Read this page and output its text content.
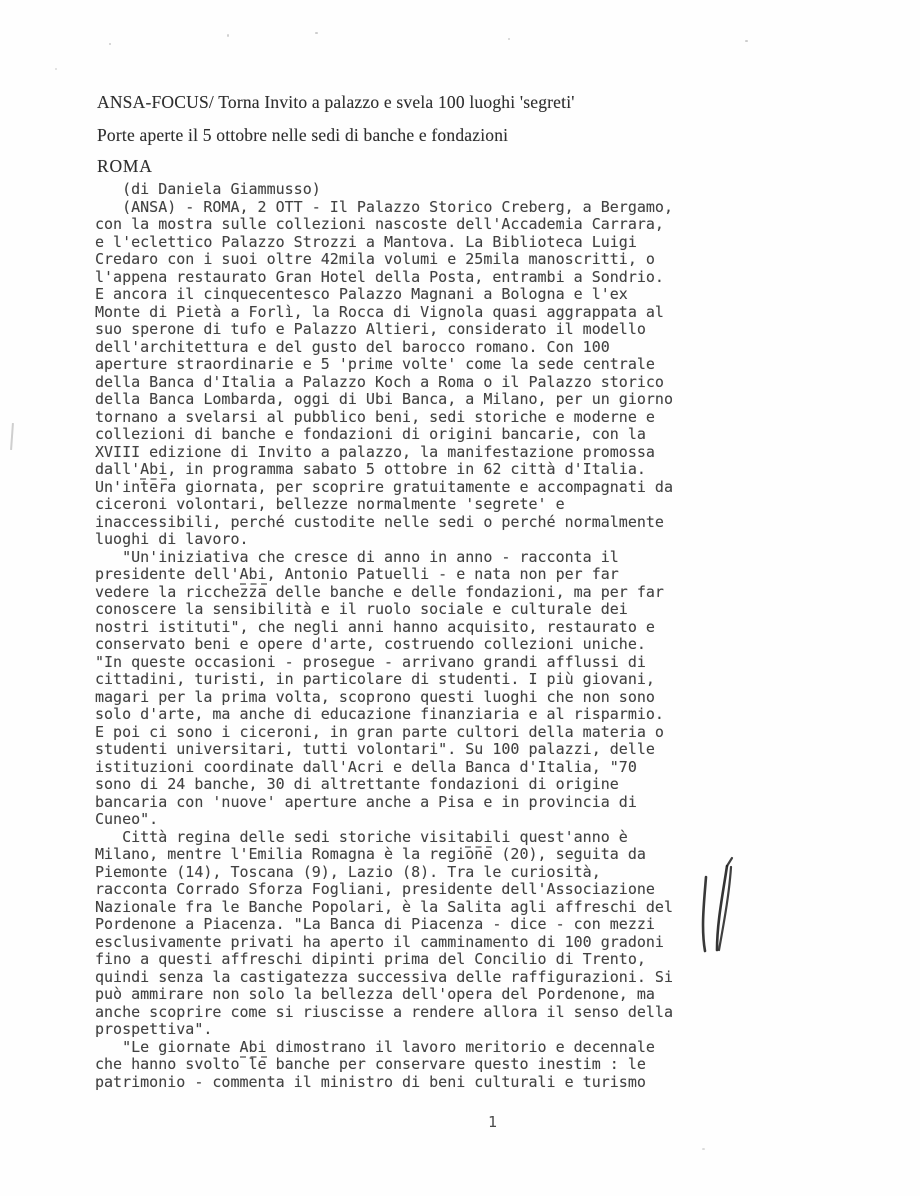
ANSA-FOCUS/ Torna Invito a palazzo e svela 100 luoghi 'segreti'
Porte aperte il 5 ottobre nelle sedi di banche e fondazioni
ROMA
(di Daniela Giammusso)
(ANSA) - ROMA, 2 OTT - Il Palazzo Storico Creberg, a Bergamo,
con la mostra sulle collezioni nascoste dell'Accademia Carrara,
e l'eclettico Palazzo Strozzi a Mantova. La Biblioteca Luigi
Credaro con i suoi oltre 42mila volumi e 25mila manoscritti, o
l'appena restaurato Gran Hotel della Posta, entrambi a Sondrio.
E ancora il cinquecentesco Palazzo Magnani a Bologna e l'ex
Monte di Pietà a Forlì, la Rocca di Vignola quasi aggrappata al
suo sperone di tufo e Palazzo Altieri, considerato il modello
dell'architettura e del gusto del barocco romano. Con 100
aperture straordinarie e 5 'prime volte' come la sede centrale
della Banca d'Italia a Palazzo Koch a Roma o il Palazzo storico
della Banca Lombarda, oggi di Ubi Banca, a Milano, per un giorno
tornano a svelarsi al pubblico beni, sedi storiche e moderne e
collezioni di banche e fondazioni di origini bancarie, con la
XVIII edizione di Invito a palazzo, la manifestazione promossa
dall'Abi, in programma sabato 5 ottobre in 62 città d'Italia.
Un'intera giornata, per scoprire gratuitamente e accompagnati da
ciceroni volontari, bellezze normalmente 'segrete' e
inaccessibili, perché custodite nelle sedi o perché normalmente
luoghi di lavoro.
"Un'iniziativa che cresce di anno in anno - racconta il
presidente dell'Abi, Antonio Patuelli - e nata non per far
vedere la ricchezza delle banche e delle fondazioni, ma per far
conoscere la sensibilità e il ruolo sociale e culturale dei
nostri istituti", che negli anni hanno acquisito, restaurato e
conservato beni e opere d'arte, costruendo collezioni uniche.
"In queste occasioni - prosegue - arrivano grandi afflussi di
cittadini, turisti, in particolare di studenti. I più giovani,
magari per la prima volta, scoprono questi luoghi che non sono
solo d'arte, ma anche di educazione finanziaria e al risparmio.
E poi ci sono i ciceroni, in gran parte cultori della materia o
studenti universitari, tutti volontari". Su 100 palazzi, delle
istituzioni coordinate dall'Acri e della Banca d'Italia, "70
sono di 24 banche, 30 di altrettante fondazioni di origine
bancaria con 'nuove' aperture anche a Pisa e in provincia di
Cuneo".
Città regina delle sedi storiche visitabili quest'anno è
Milano, mentre l'Emilia Romagna è la regione (20), seguita da
Piemonte (14), Toscana (9), Lazio (8). Tra le curiosità,
racconta Corrado Sforza Fogliani, presidente dell'Associazione
Nazionale fra le Banche Popolari, è la Salita agli affreschi del
Pordenone a Piacenza. "La Banca di Piacenza - dice - con mezzi
esclusivamente privati ha aperto il camminamento di 100 gradoni
fino a questi affreschi dipinti prima del Concilio di Trento,
quindi senza la castigatezza successiva delle raffigurazioni. Si
può ammirare non solo la bellezza dell'opera del Pordenone, ma
anche scoprire come si riuscisse a rendere allora il senso della
prospettiva".
"Le giornate Abi dimostrano il lavoro meritorio e decennale
che hanno svolto le banche per conservare questo inestim : le
patrimonio - commenta il ministro di beni culturali e turismo
1
